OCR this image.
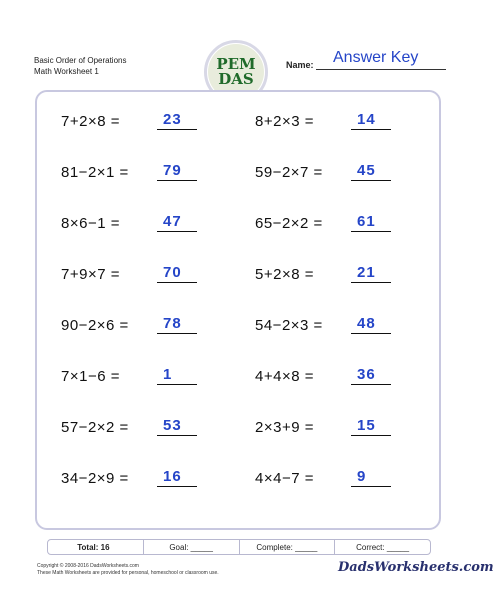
Basic Order of Operations
Math Worksheet 1	PEM
DAS
Name: Answer Key
7+2×8 =	23	8+2×3 =	14
81−2×1 = 79	59−2×7 = 45
8×6−1 =	47	65−2×2 = 61
7+9×7 =	70	5+2×8 =	21
90−2×6 = 78	54−2×3 = 48
7×1−6 =	1	4+4×8 =	36
57−2×2 = 53	2×3+9 =	15
34−2×9 = 16	4×4−7 =	9
Total: 16	Goal: _____	Complete: _____	Correct: _____
Copyright © 2008-2016 DadsWorksheets.com
These Math Worksheets are provided for personal, homeschool or classroom use.	DadsWorksheets.com
